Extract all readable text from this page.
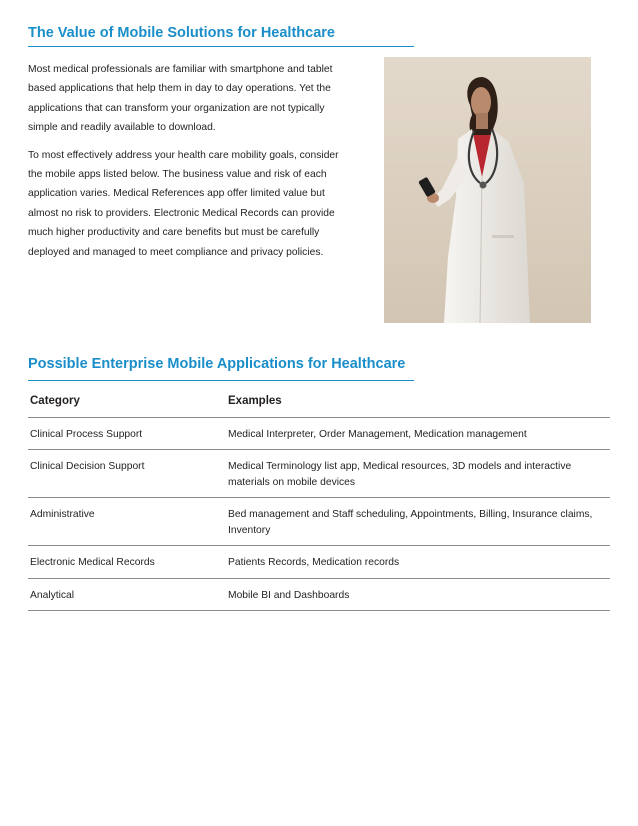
The Value of Mobile Solutions for Healthcare

Most medical professionals are familiar with smartphone and tablet based applications that help them in day to day operations. Yet the applications that can transform your organization are not typically simple and readily available to download.

To most effectively address your health care mobility goals, consider the mobile apps listed below. The business value and risk of each application varies. Medical References app offer limited value but almost no risk to providers. Electronic Medical Records can provide much higher productivity and care benefits but must be carefully deployed and managed to meet compliance and privacy policies.

Possible Enterprise Mobile Applications for Healthcare
Category	Examples
Clinical Process Support	Medical Interpreter, Order Management, Medication management
Clinical Decision Support	Medical Terminology list app, Medical resources, 3D models and interactive materials on mobile devices
Administrative	Bed management and Staff scheduling, Appointments, Billing, Insurance claims, Inventory
Electronic Medical Records	Patients Records, Medication records
Analytical	Mobile BI and Dashboards
